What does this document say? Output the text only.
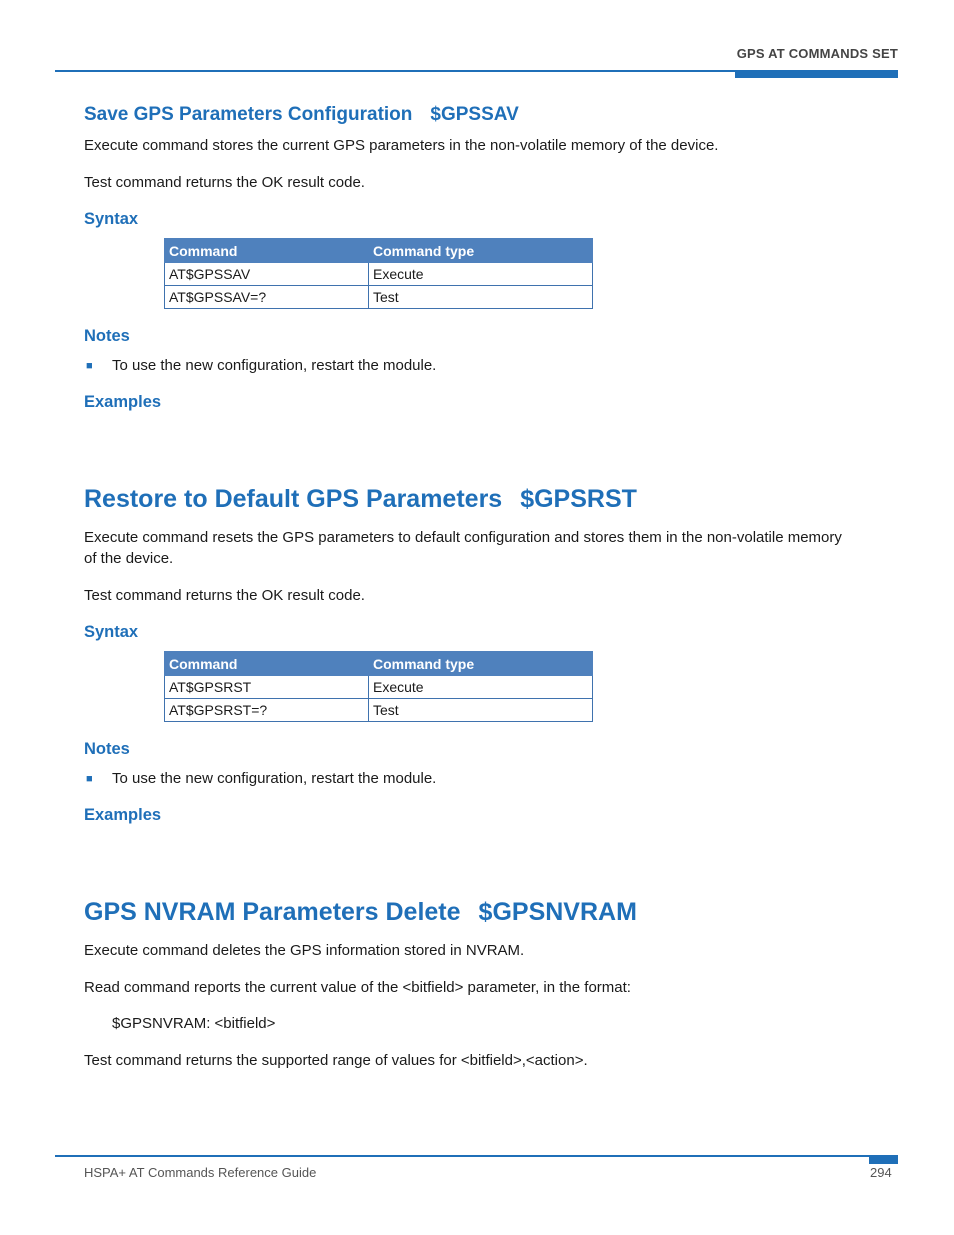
GPS AT COMMANDS SET
Save GPS Parameters Configuration $GPSSAV
Execute command stores the current GPS parameters in the non-volatile memory of the device.
Test command returns the OK result code.
Syntax
Command	Command type
AT$GPSSAV	Execute
AT$GPSSAV=?	Test
Notes
■ To use the new configuration, restart the module.
Examples
Restore to Default GPS Parameters $GPSRST
Execute command resets the GPS parameters to default configuration and stores them in the non-volatile memory
of the device.
Test command returns the OK result code.
Syntax
Command	Command type
AT$GPSRST	Execute
AT$GPSRST=?	Test
Notes
■ To use the new configuration, restart the module.
Examples
GPS NVRAM Parameters Delete $GPSNVRAM
Execute command deletes the GPS information stored in NVRAM.
Read command reports the current value of the <bitfield> parameter, in the format:
$GPSNVRAM: <bitfield>
Test command returns the supported range of values for <bitfield>,<action>.
HSPA+ AT Commands Reference Guide	294
